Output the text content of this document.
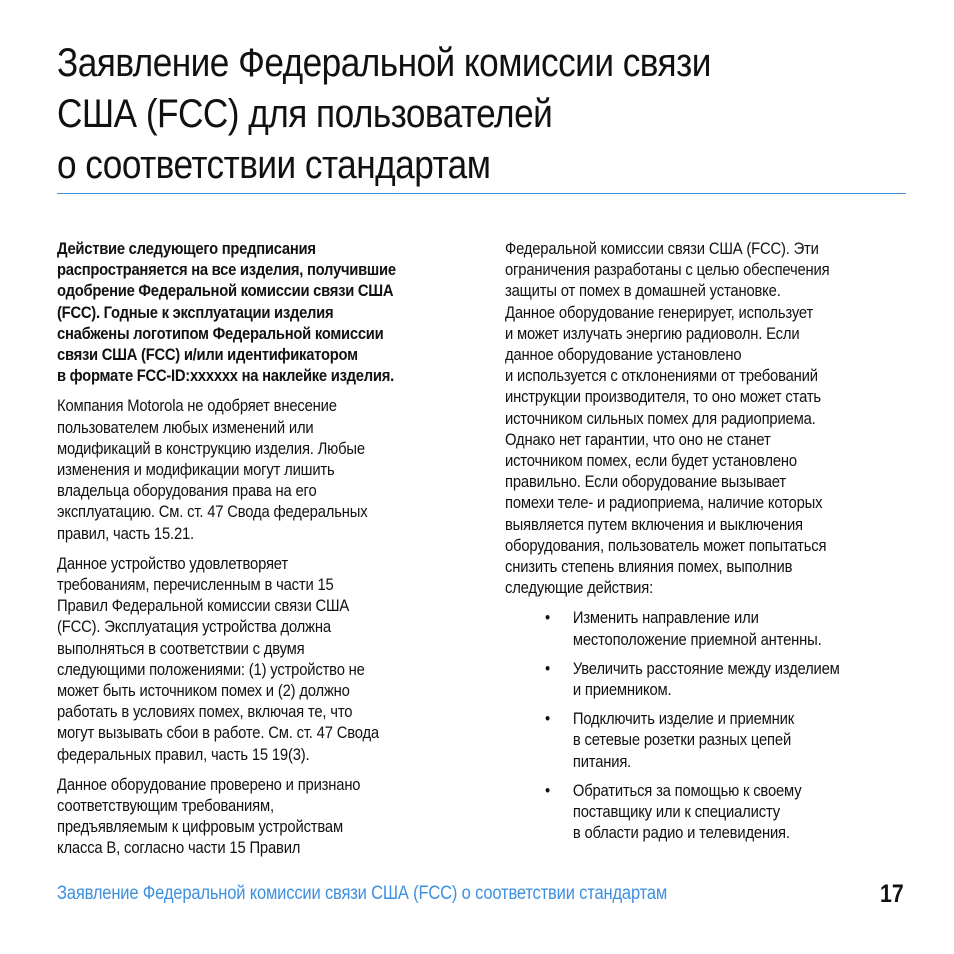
Заявление Федеральной комиссии связи
США (FCC) для пользователей
о соответствии стандартам

Действие следующего предписания
распространяется на все изделия, получившие
одобрение Федеральной комиссии связи США
(FCC). Годные к эксплуатации изделия
снабжены логотипом Федеральной комиссии
связи США (FCC) и/или идентификатором
в формате FCC-ID:xxxxxx на наклейке изделия.

Компания Motorola не одобряет внесение
пользователем любых изменений или
модификаций в конструкцию изделия. Любые
изменения и модификации могут лишить
владельца оборудования права на его
эксплуатацию. См. ст. 47 Свода федеральных
правил, часть 15.21.

Данное устройство удовлетворяет
требованиям, перечисленным в части 15
Правил Федеральной комиссии связи США
(FCC). Эксплуатация устройства должна
выполняться в соответствии с двумя
следующими положениями: (1) устройство не
может быть источником помех и (2) должно
работать в условиях помех, включая те, что
могут вызывать сбои в работе. См. ст. 47 Свода
федеральных правил, часть 15 19(3).

Данное оборудование проверено и признано
соответствующим требованиям,
предъявляемым к цифровым устройствам
класса B, согласно части 15 Правил

Федеральной комиссии связи США (FCC). Эти
ограничения разработаны с целью обеспечения
защиты от помех в домашней установке.
Данное оборудование генерирует, использует
и может излучать энергию радиоволн. Если
данное оборудование установлено
и используется с отклонениями от требований
инструкции производителя, то оно может стать
источником сильных помех для радиоприема.
Однако нет гарантии, что оно не станет
источником помех, если будет установлено
правильно. Если оборудование вызывает
помехи теле- и радиоприема, наличие которых
выявляется путем включения и выключения
оборудования, пользователь может попытаться
снизить степень влияния помех, выполнив
следующие действия:

• Изменить направление или
местоположение приемной антенны.
• Увеличить расстояние между изделием
и приемником.
• Подключить изделие и приемник
в сетевые розетки разных цепей
питания.
• Обратиться за помощью к своему
поставщику или к специалисту
в области радио и телевидения.
Заявление Федеральной комиссии связи США (FCC) о соответствии стандартам	17
